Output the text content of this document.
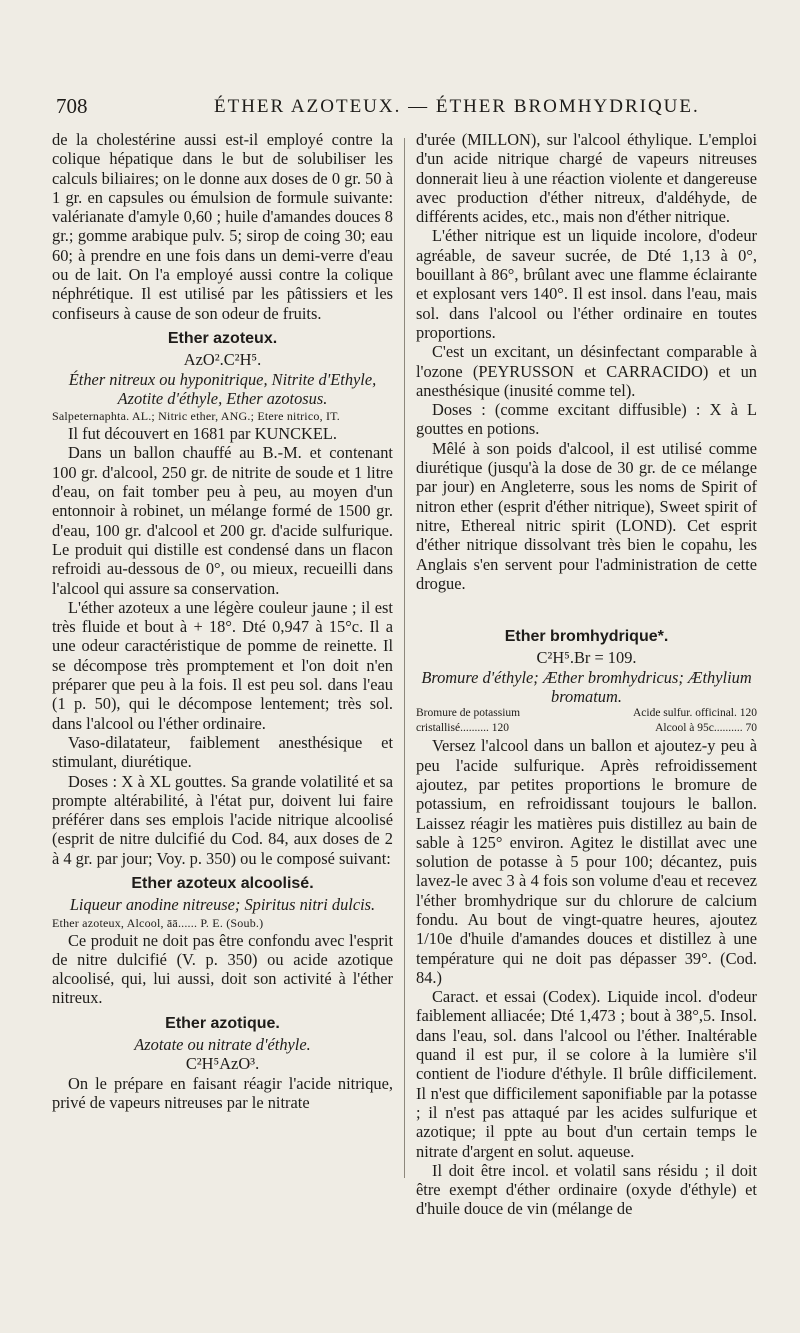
708	ÉTHER AZOTEUX. — ÉTHER BROMHYDRIQUE.

de la cholestérine aussi est-il employé contre la colique hépatique dans le but de solubiliser les calculs biliaires; on le donne aux doses de 0 gr. 50 à 1 gr. en capsules ou émulsion de formule suivante: valérianate d'amyle 0,60 ; huile d'amandes douces 8 gr.; gomme arabique pulv. 5; sirop de coing 30; eau 60; à prendre en une fois dans un demi-verre d'eau ou de lait. On l'a employé aussi contre la colique néphrétique. Il est utilisé par les pâtissiers et les confiseurs à cause de son odeur de fruits.

Ether azoteux.

AzO².C²H⁵.

Éther nitreux ou hyponitrique, Nitrite d'Ethyle, Azotite d'éthyle, Ether azotosus.

Salpeternaphta. AL.; Nitric ether, ANG.; Etere nitrico, IT.

Il fut découvert en 1681 par KUNCKEL.

Dans un ballon chauffé au B.-M. et contenant 100 gr. d'alcool, 250 gr. de nitrite de soude et 1 litre d'eau, on fait tomber peu à peu, au moyen d'un entonnoir à robinet, un mélange formé de 1500 gr. d'eau, 100 gr. d'alcool et 200 gr. d'acide sulfurique. Le produit qui distille est condensé dans un flacon refroidi au-dessous de 0°, ou mieux, recueilli dans l'alcool qui assure sa conservation.

L'éther azoteux a une légère couleur jaune ; il est très fluide et bout à + 18°. Dté 0,947 à 15°c. Il a une odeur caractéristique de pomme de reinette. Il se décompose très promptement et l'on doit n'en préparer que peu à la fois. Il est peu sol. dans l'eau (1 p. 50), qui le décompose lentement; très sol. dans l'alcool ou l'éther ordinaire.

Vaso-dilatateur, faiblement anesthésique et stimulant, diurétique.

Doses : X à XL gouttes. Sa grande volatilité et sa prompte altérabilité, à l'état pur, doivent lui faire préférer dans ses emplois l'acide nitrique alcoolisé (esprit de nitre dulcifié du Cod. 84, aux doses de 2 à 4 gr. par jour; Voy. p. 350) ou le composé suivant:

Ether azoteux alcoolisé.

Liqueur anodine nitreuse; Spiritus nitri dulcis.

Ether azoteux, Alcool, āā...... P. E. (Soub.)

Ce produit ne doit pas être confondu avec l'esprit de nitre dulcifié (V. p. 350) ou acide azotique alcoolisé, qui, lui aussi, doit son activité à l'éther nitreux.

Ether azotique.

Azotate ou nitrate d'éthyle.

C²H⁵AzO³.

On le prépare en faisant réagir l'acide nitrique, privé de vapeurs nitreuses par le nitrate

d'urée (MILLON), sur l'alcool éthylique. L'emploi d'un acide nitrique chargé de vapeurs nitreuses donnerait lieu à une réaction violente et dangereuse avec production d'éther nitreux, d'aldéhyde, de différents acides, etc., mais non d'éther nitrique.

L'éther nitrique est un liquide incolore, d'odeur agréable, de saveur sucrée, de Dté 1,13 à 0°, bouillant à 86°, brûlant avec une flamme éclairante et explosant vers 140°. Il est insol. dans l'eau, mais sol. dans l'alcool ou l'éther ordinaire en toutes proportions.

C'est un excitant, un désinfectant comparable à l'ozone (PEYRUSSON et CARRACIDO) et un anesthésique (inusité comme tel).

Doses : (comme excitant diffusible) : X à L gouttes en potions.

Mêlé à son poids d'alcool, il est utilisé comme diurétique (jusqu'à la dose de 30 gr. de ce mélange par jour) en Angleterre, sous les noms de Spirit of nitron ether (esprit d'éther nitrique), Sweet spirit of nitre, Ethereal nitric spirit (LOND). Cet esprit d'éther nitrique dissolvant très bien le copahu, les Anglais s'en servent pour l'administration de cette drogue.

Ether bromhydrique*.

C²H⁵.Br = 109.

Bromure d'éthyle; Æther bromhydricus; Æthylium bromatum.

Bromure de potassium	Acide sulfur. officinal. 120
cristallisé.......... 120	Alcool à 95c.......... 70

Versez l'alcool dans un ballon et ajoutez-y peu à peu l'acide sulfurique. Après refroidissement ajoutez, par petites proportions le bromure de potassium, en refroidissant toujours le ballon. Laissez réagir les matières puis distillez au bain de sable à 125° environ. Agitez le distillat avec une solution de potasse à 5 pour 100; décantez, puis lavez-le avec 3 à 4 fois son volume d'eau et recevez l'éther bromhydrique sur du chlorure de calcium fondu. Au bout de vingt-quatre heures, ajoutez 1/10e d'huile d'amandes douces et distillez à une température qui ne doit pas dépasser 39°. (Cod. 84.)

Caract. et essai (Codex). Liquide incol. d'odeur faiblement alliacée; Dté 1,473 ; bout à 38°,5. Insol. dans l'eau, sol. dans l'alcool ou l'éther. Inaltérable quand il est pur, il se colore à la lumière s'il contient de l'iodure d'éthyle. Il brûle difficilement. Il n'est que difficilement saponifiable par la potasse ; il n'est pas attaqué par les acides sulfurique et azotique; il ppte au bout d'un certain temps le nitrate d'argent en solut. aqueuse.

Il doit être incol. et volatil sans résidu ; il doit être exempt d'éther ordinaire (oxyde d'éthyle) et d'huile douce de vin (mélange de
